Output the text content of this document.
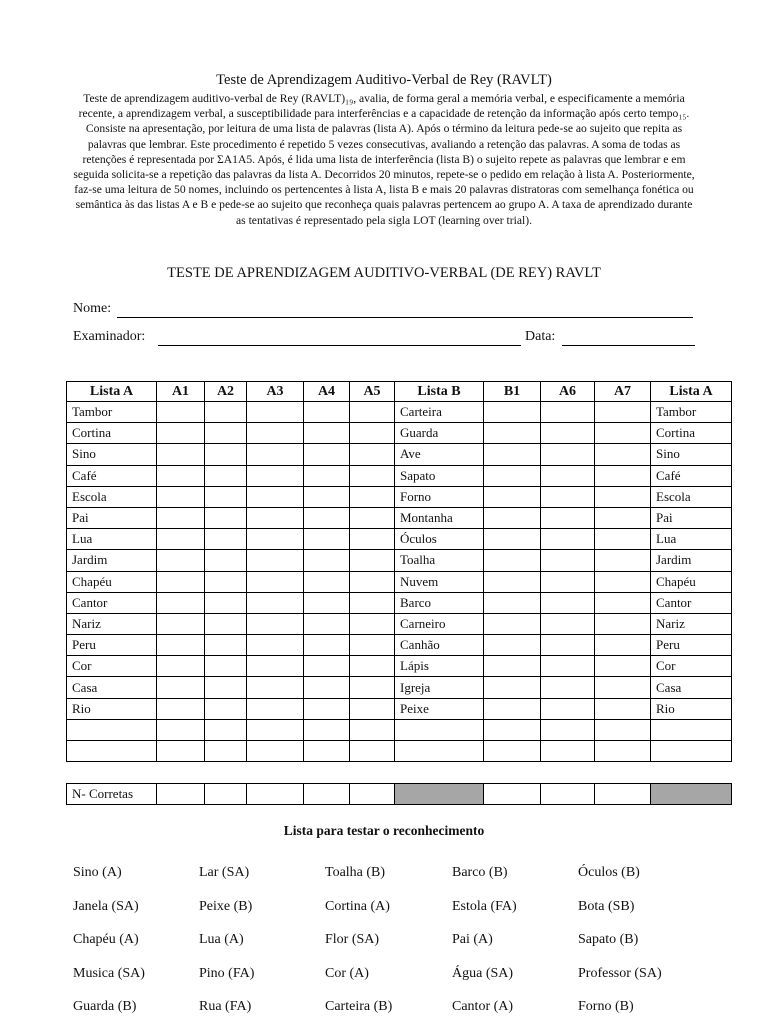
Teste de Aprendizagem Auditivo-Verbal de Rey (RAVLT)
Teste de aprendizagem auditivo-verbal de Rey (RAVLT)₁₉, avalia, de forma geral a memória verbal, e especificamente a memória recente, a aprendizagem verbal, a susceptibilidade para interferências e a capacidade de retenção da informação após certo tempo₁₅. Consiste na apresentação, por leitura de uma lista de palavras (lista A). Após o término da leitura pede-se ao sujeito que repita as palavras que lembrar. Este procedimento é repetido 5 vezes consecutivas, avaliando a retenção das palavras. A soma de todas as retenções é representada por ΣA1A5. Após, é lida uma lista de interferência (lista B) o sujeito repete as palavras que lembrar e em seguida solicita-se a repetição das palavras da lista A. Decorridos 20 minutos, repete-se o pedido em relação à lista A. Posteriormente, faz-se uma leitura de 50 nomes, incluindo os pertencentes à lista A, lista B e mais 20 palavras distratoras com semelhança fonética ou semântica às das listas A e B e pede-se ao sujeito que reconheça quais palavras pertencem ao grupo A. A taxa de aprendizado durante as tentativas é representado pela sigla LOT (learning over trial).
TESTE DE APRENDIZAGEM AUDITIVO-VERBAL (DE REY) RAVLT
Nome:
Examinador:	Data:
Lista A	A1	A2	A3	A4	A5	Lista B	B1	A6	A7	Lista A
Tambor						Carteira				Tambor
Cortina						Guarda				Cortina
Sino						Ave				Sino
Café						Sapato				Café
Escola						Forno				Escola
Pai						Montanha				Pai
Lua						Óculos				Lua
Jardim						Toalha				Jardim
Chapéu						Nuvem				Chapéu
Cantor						Barco				Cantor
Nariz						Carneiro				Nariz
Peru						Canhão				Peru
Cor						Lápis				Cor
Casa						Igreja				Casa
Rio						Peixe				Rio

N- Corretas										
Lista para testar o reconhecimento
Sino (A)	Lar (SA)	Toalha (B)	Barco (B)	Óculos (B)
Janela (SA)	Peixe (B)	Cortina (A)	Estola (FA)	Bota (SB)
Chapéu (A)	Lua (A)	Flor (SA)	Pai (A)	Sapato (B)
Musica (SA)	Pino (FA)	Cor (A)	Água (SA)	Professor (SA)
Guarda (B)	Rua (FA)	Carteira (B)	Cantor (A)	Forno (B)
